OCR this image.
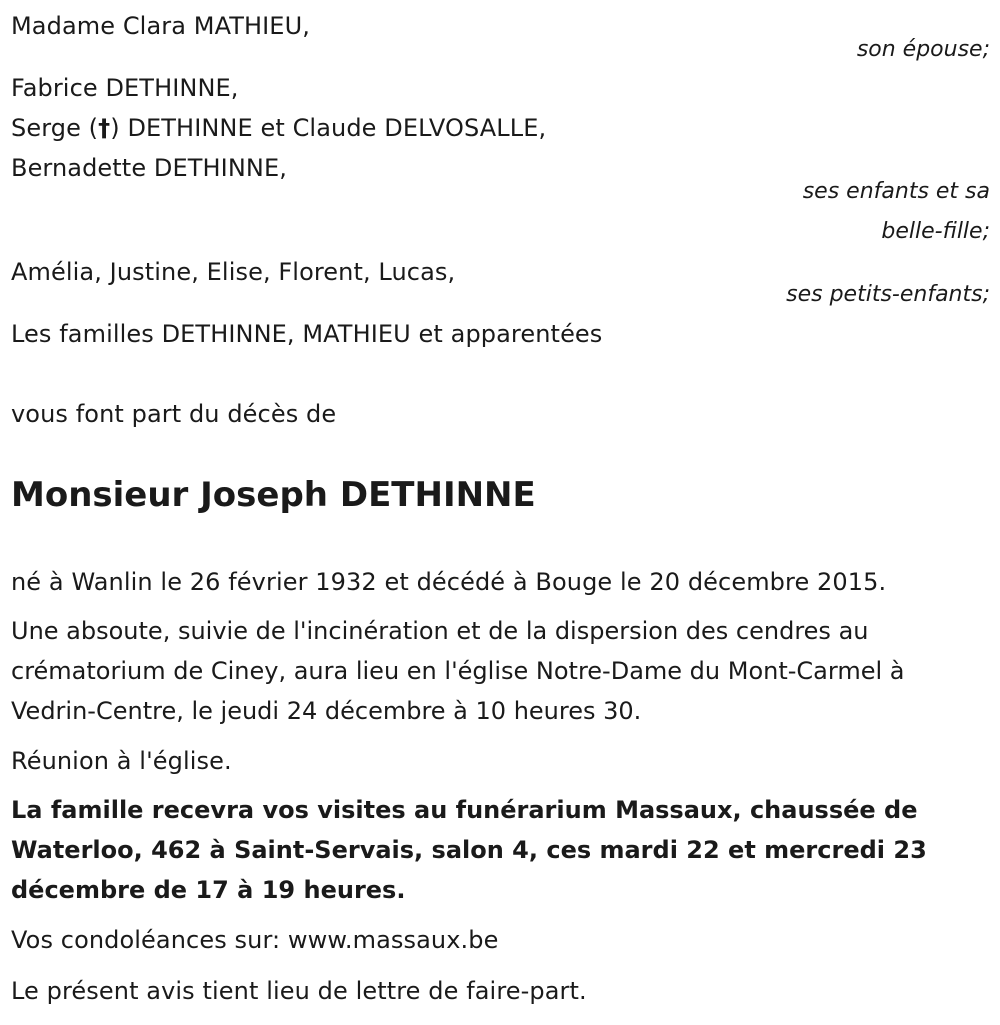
Madame Clara MATHIEU,
son épouse;
Fabrice DETHINNE,
Serge (†) DETHINNE et Claude DELVOSALLE,
Bernadette DETHINNE,
ses enfants et sa
belle-fille;
Amélia, Justine, Elise, Florent, Lucas,
ses petits-enfants;
Les familles DETHINNE, MATHIEU et apparentées
vous font part du décès de
Monsieur Joseph DETHINNE
né à Wanlin le 26 février 1932 et décédé à Bouge le 20 décembre 2015.
Une absoute, suivie de l'incinération et de la dispersion des cendres au crématorium de Ciney, aura lieu en l'église Notre-Dame du Mont-Carmel à Vedrin-Centre, le jeudi 24 décembre à 10 heures 30.
Réunion à l'église.
La famille recevra vos visites au funérarium Massaux, chaussée de Waterloo, 462 à Saint-Servais, salon 4, ces mardi 22 et mercredi 23 décembre de 17 à 19 heures.
Vos condoléances sur: www.massaux.be
Le présent avis tient lieu de lettre de faire-part.
